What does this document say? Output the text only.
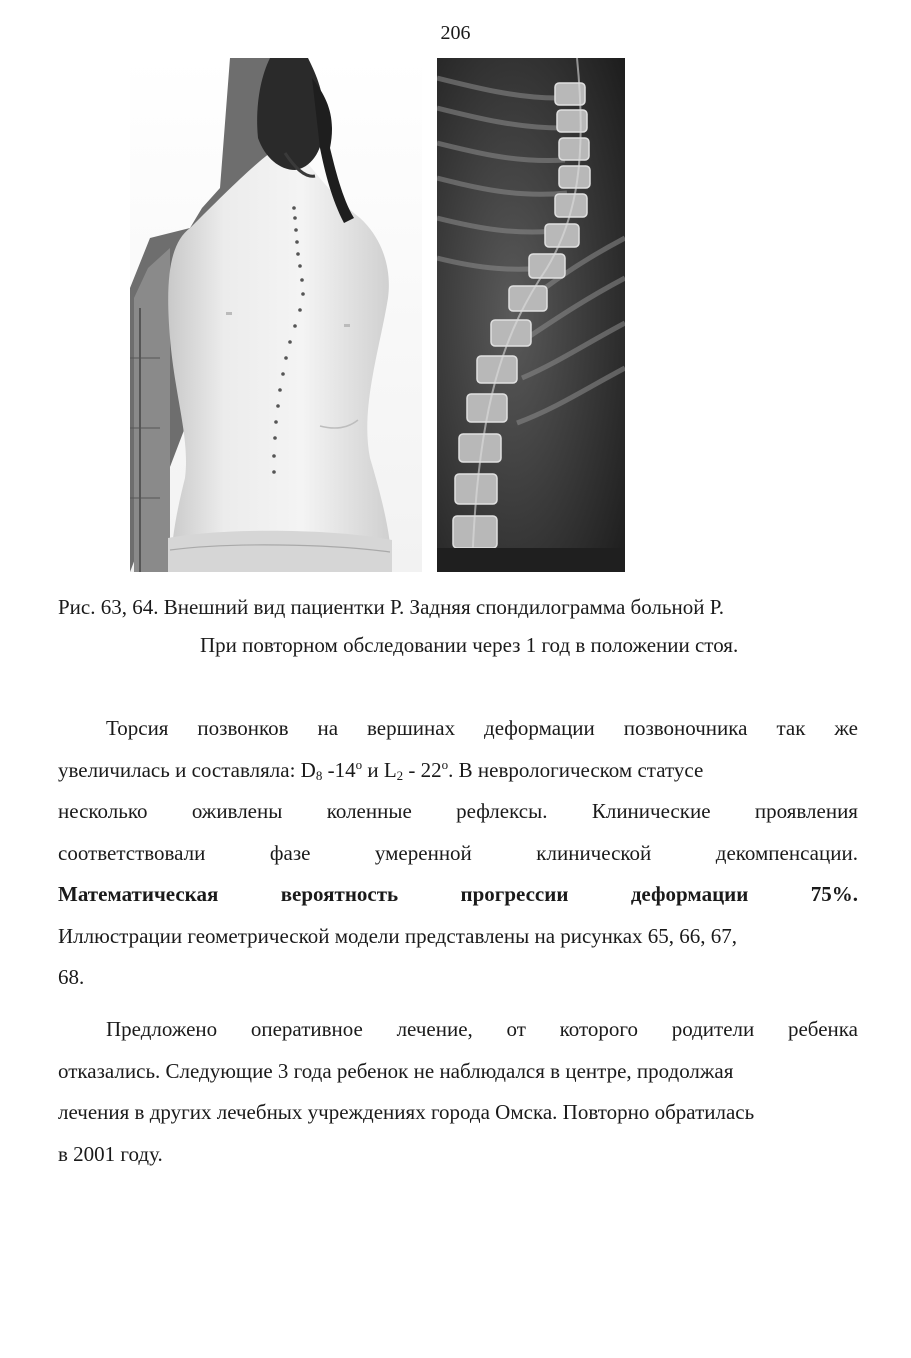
206
Рис. 63, 64. Внешний вид пациентки Р. Задняя спондилограмма больной Р.
При повторном обследовании через 1 год в положении стоя.
Торсия позвонков на вершинах деформации позвоночника так же
увеличилась и составляла: $D_8$ -14$^o$ и $L_2 - 22^o$. В неврологическом статусе
несколько оживлены коленные рефлексы. Клинические проявления
соответствовали	фазе	умеренной	клинической	декомпенсации.
Математическая	вероятность	прогрессии	деформации	75%.
Иллюстрации геометрической модели представлены на рисунках 65, 66, 67,
68.
Предложено оперативное лечение, от которого родители ребенка
отказались. Следующие 3 года ребенок не наблюдался в центре, продолжая
лечения в других лечебных учреждениях города Омска. Повторно обратилась
в 2001 году.
